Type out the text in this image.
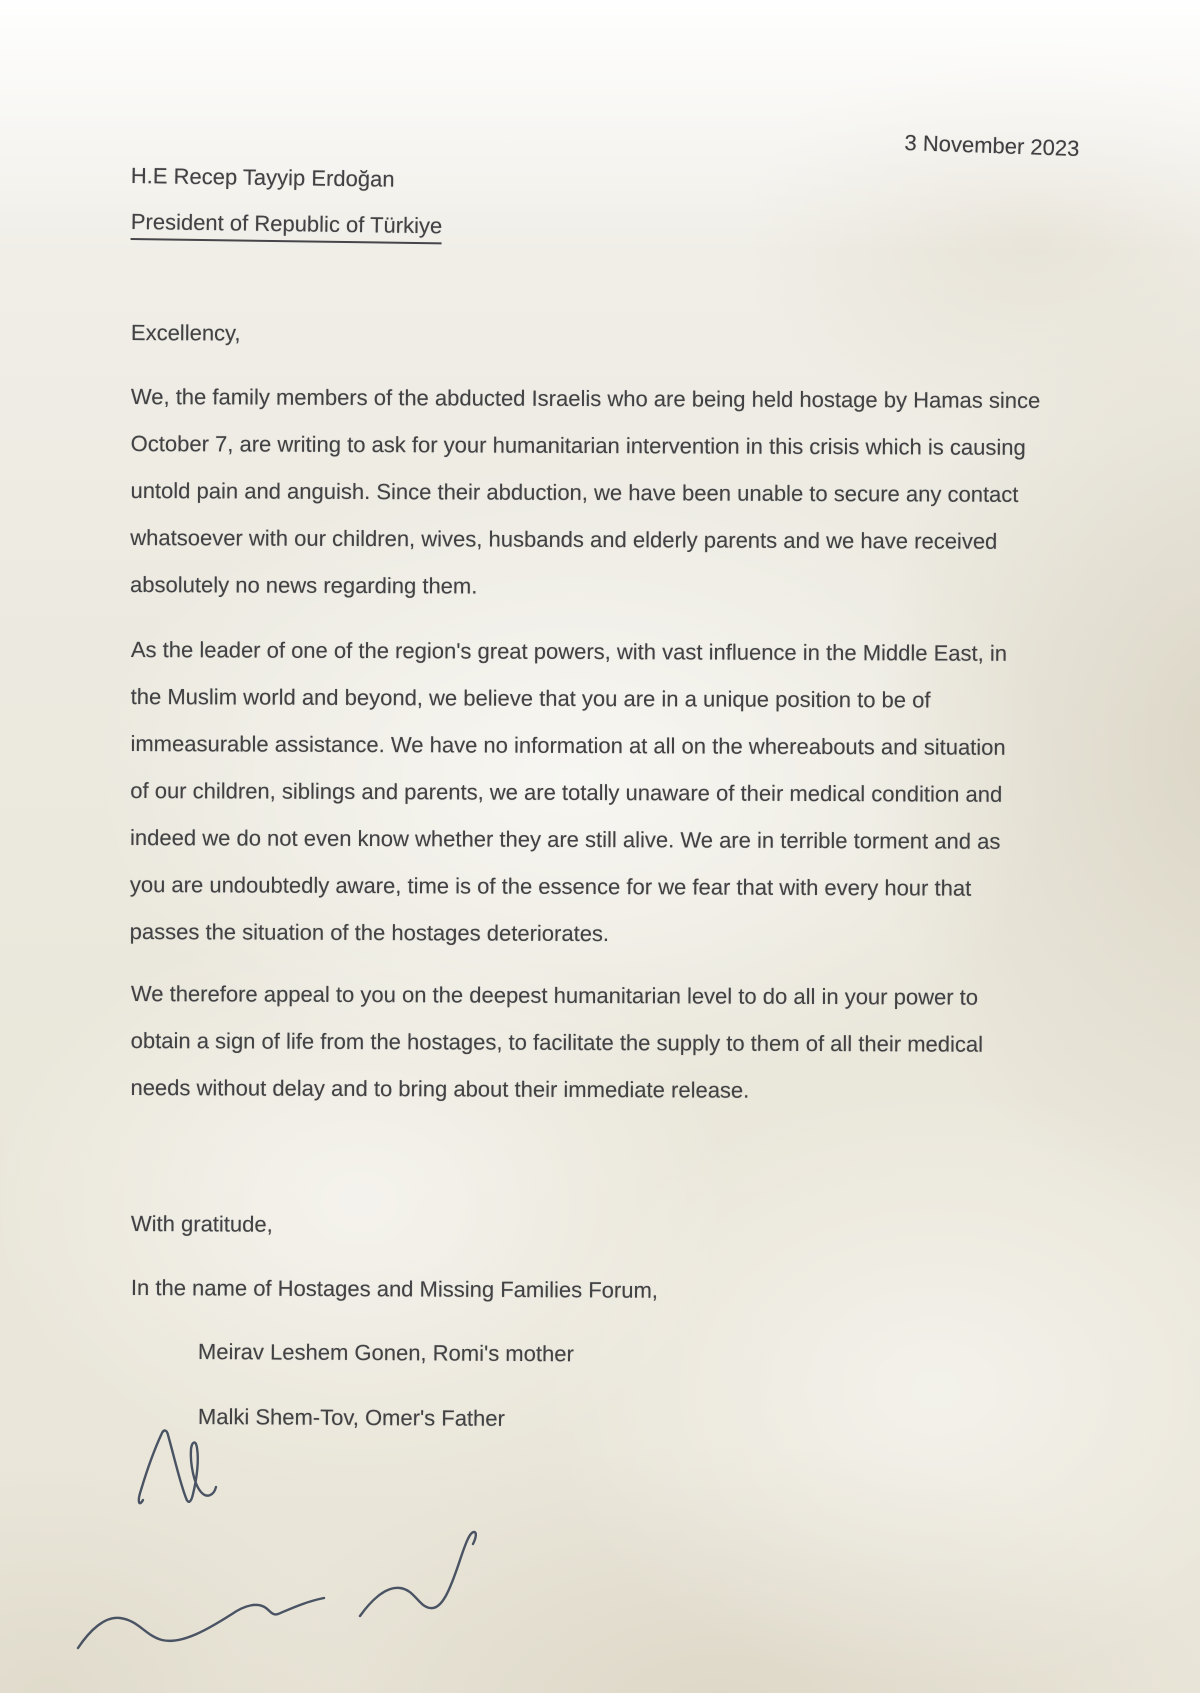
3 November 2023
H.E Recep Tayyip Erdoğan
President of Republic of Türkiye
Excellency,
We, the family members of the abducted Israelis who are being held hostage by Hamas since
October 7, are writing to ask for your humanitarian intervention in this crisis which is causing
untold pain and anguish. Since their abduction, we have been unable to secure any contact
whatsoever with our children, wives, husbands and elderly parents and we have received
absolutely no news regarding them.
As the leader of one of the region's great powers, with vast influence in the Middle East, in
the Muslim world and beyond, we believe that you are in a unique position to be of
immeasurable assistance. We have no information at all on the whereabouts and situation
of our children, siblings and parents, we are totally unaware of their medical condition and
indeed we do not even know whether they are still alive. We are in terrible torment and as
you are undoubtedly aware, time is of the essence for we fear that with every hour that
passes the situation of the hostages deteriorates.
We therefore appeal to you on the deepest humanitarian level to do all in your power to
obtain a sign of life from the hostages, to facilitate the supply to them of all their medical
needs without delay and to bring about their immediate release.
With gratitude,
In the name of Hostages and Missing Families Forum,
Meirav Leshem Gonen, Romi's mother
Malki Shem-Tov, Omer's Father
